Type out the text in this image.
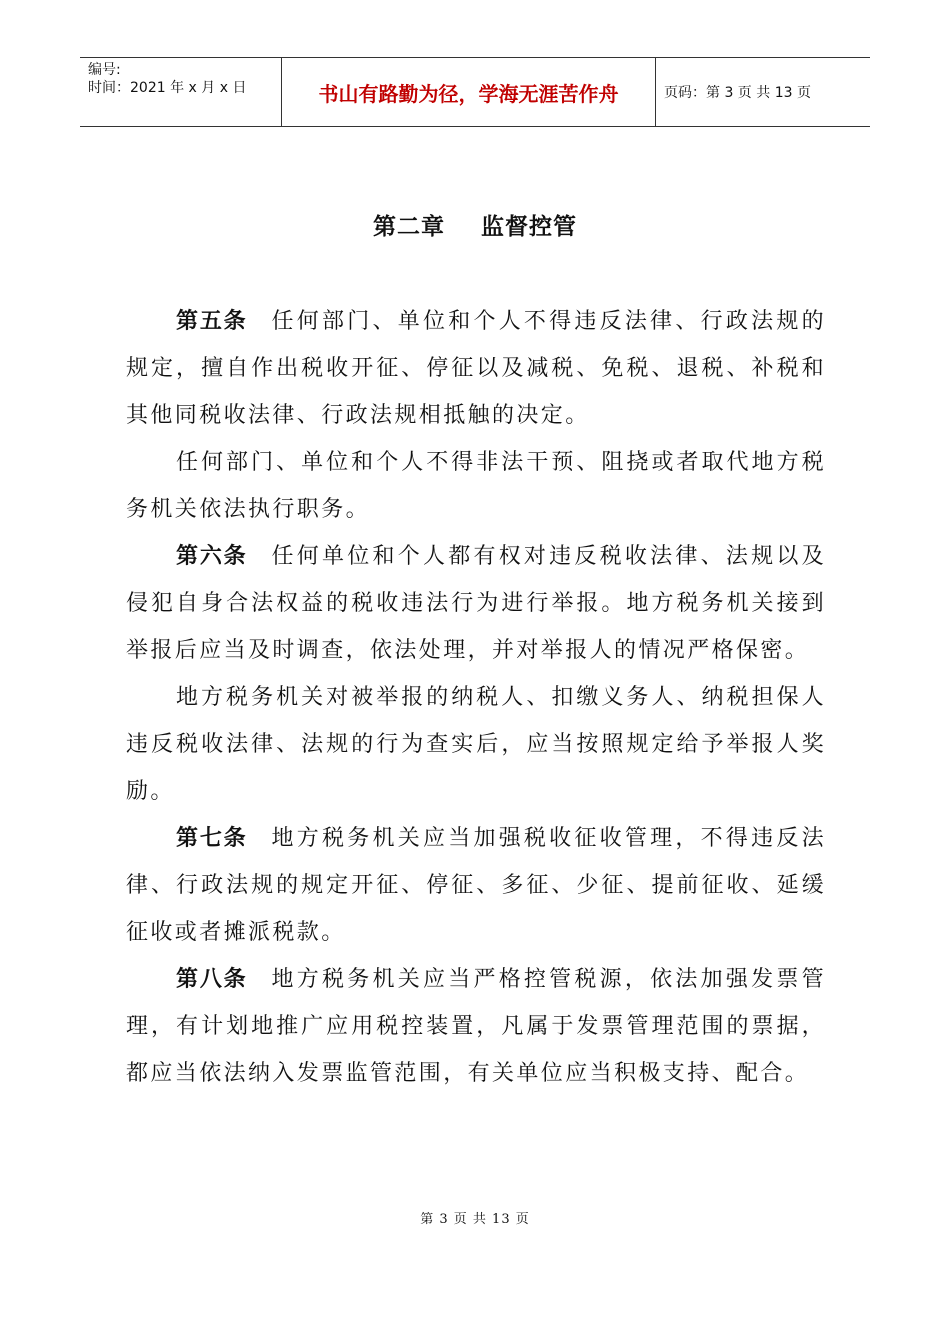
编号:
时间：2021 年 x 月 x 日	书山有路勤为径，学海无涯苦作舟	页码：第 3 页 共 13 页
第二章    监督控管

第五条 任何部门、单位和个人不得违反法律、行政法规的规定，擅自作出税收开征、停征以及减税、免税、退税、补税和其他同税收法律、行政法规相抵触的决定。

任何部门、单位和个人不得非法干预、阻挠或者取代地方税务机关依法执行职务。

第六条 任何单位和个人都有权对违反税收法律、法规以及侵犯自身合法权益的税收违法行为进行举报。地方税务机关接到举报后应当及时调查，依法处理，并对举报人的情况严格保密。

地方税务机关对被举报的纳税人、扣缴义务人、纳税担保人违反税收法律、法规的行为查实后，应当按照规定给予举报人奖励。

第七条 地方税务机关应当加强税收征收管理，不得违反法律、行政法规的规定开征、停征、多征、少征、提前征收、延缓征收或者摊派税款。

第八条 地方税务机关应当严格控管税源，依法加强发票管理，有计划地推广应用税控装置，凡属于发票管理范围的票据，都应当依法纳入发票监管范围，有关单位应当积极支持、配合。

第 3 页 共 13 页
